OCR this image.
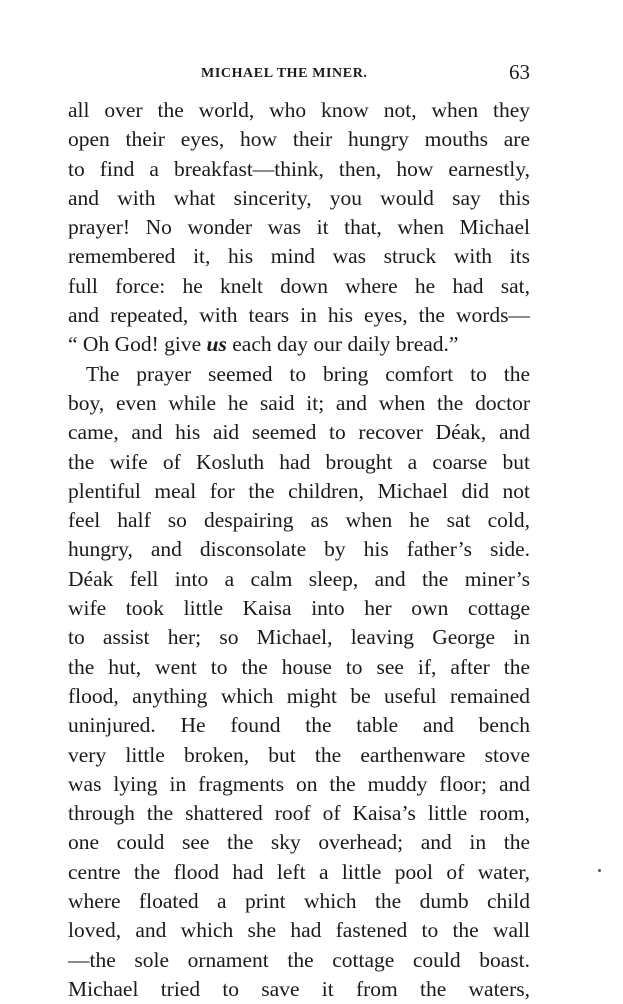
MICHAEL THE MINER.	63
all over the world, who know not, when they
open their eyes, how their hungry mouths are
to find a breakfast—think, then, how earnestly,
and with what sincerity, you would say this
prayer! No wonder was it that, when Michael
remembered it, his mind was struck with its
full force: he knelt down where he had sat,
and repeated, with tears in his eyes, the words—
“ Oh God! give us each day our daily bread.”
The prayer seemed to bring comfort to the
boy, even while he said it; and when the doctor
came, and his aid seemed to recover Déak, and
the wife of Kosluth had brought a coarse but
plentiful meal for the children, Michael did not
feel half so despairing as when he sat cold,
hungry, and disconsolate by his father’s side.
Déak fell into a calm sleep, and the miner’s
wife took little Kaisa into her own cottage
to assist her; so Michael, leaving George in
the hut, went to the house to see if, after the
flood, anything which might be useful remained
uninjured. He found the table and bench
very little broken, but the earthenware stove
was lying in fragments on the muddy floor; and
through the shattered roof of Kaisa’s little room,
one could see the sky overhead; and in the
centre the flood had left a little pool of water,
where floated a print which the dumb child
loved, and which she had fastened to the wall
—the sole ornament the cottage could boast.
Michael tried to save it from the waters,
